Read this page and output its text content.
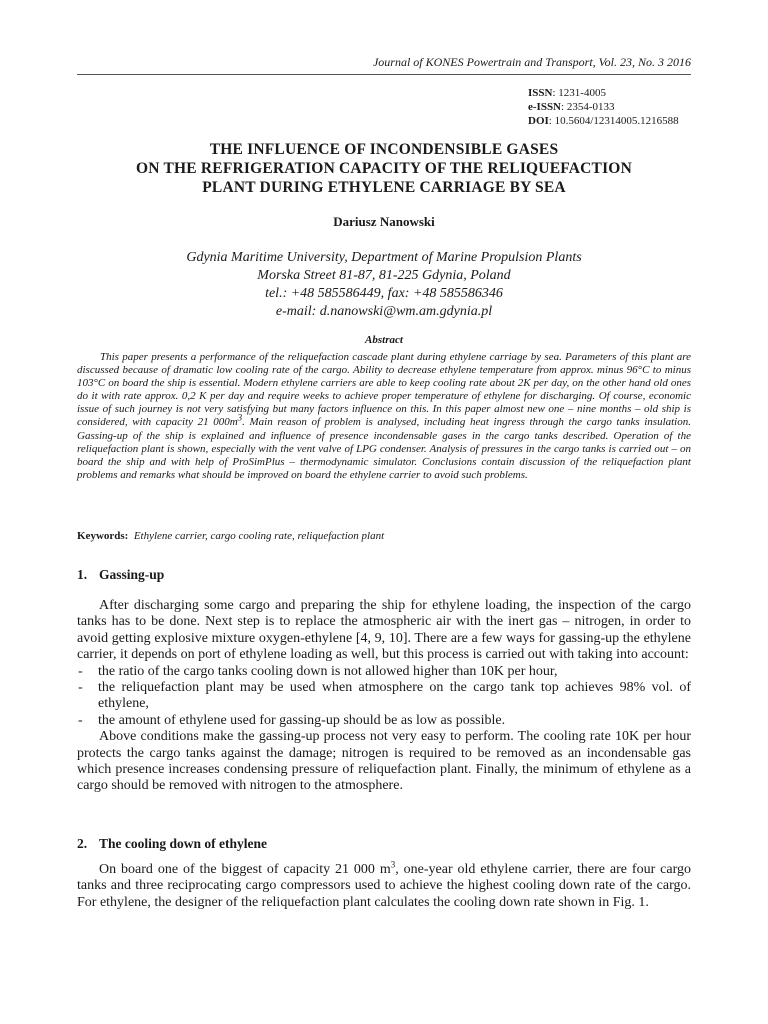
Journal of KONES Powertrain and Transport, Vol. 23, No. 3 2016
ISSN: 1231-4005
e-ISSN: 2354-0133
DOI: 10.5604/12314005.1216588
THE INFLUENCE OF INCONDENSIBLE GASES
ON THE REFRIGERATION CAPACITY OF THE RELIQUEFACTION
PLANT DURING ETHYLENE CARRIAGE BY SEA
Dariusz Nanowski
Gdynia Maritime University, Department of Marine Propulsion Plants
Morska Street 81-87, 81-225 Gdynia, Poland
tel.: +48 585586449, fax: +48 585586346
e-mail: d.nanowski@wm.am.gdynia.pl
Abstract
This paper presents a performance of the reliquefaction cascade plant during ethylene carriage by sea. Parameters of this plant are discussed because of dramatic low cooling rate of the cargo. Ability to decrease ethylene temperature from approx. minus 96°C to minus 103°C on board the ship is essential. Modern ethylene carriers are able to keep cooling rate about 2K per day, on the other hand old ones do it with rate approx. 0,2 K per day and require weeks to achieve proper temperature of ethylene for discharging. Of course, economic issue of such journey is not very satisfying but many factors influence on this. In this paper almost new one – nine months – old ship is considered, with capacity 21 $000m^3$. Main reason of problem is analysed, including heat ingress through the cargo tanks insulation. Gassing-up of the ship is explained and influence of presence incondensable gases in the cargo tanks described. Operation of the reliquefaction plant is shown, especially with the vent valve of LPG condenser. Analysis of pressures in the cargo tanks is carried out – on board the ship and with help of ProSimPlus – thermodynamic simulator. Conclusions contain discussion of the reliquefaction plant problems and remarks what should be improved on board the ethylene carrier to avoid such problems.
Keywords: Ethylene carrier, cargo cooling rate, reliquefaction plant
1. Gassing-up

After discharging some cargo and preparing the ship for ethylene loading, the inspection of the cargo tanks has to be done. Next step is to replace the atmospheric air with the inert gas – nitrogen, in order to avoid getting explosive mixture oxygen-ethylene [4, 9, 10]. There are a few ways for gassing-up the ethylene carrier, it depends on port of ethylene loading as well, but this process is carried out with taking into account:

- the ratio of the cargo tanks cooling down is not allowed higher than 10K per hour,
- the reliquefaction plant may be used when atmosphere on the cargo tank top achieves 98% vol. of ethylene,
- the amount of ethylene used for gassing-up should be as low as possible.

Above conditions make the gassing-up process not very easy to perform. The cooling rate 10K per hour protects the cargo tanks against the damage; nitrogen is required to be removed as an incondensable gas which presence increases condensing pressure of reliquefaction plant. Finally, the minimum of ethylene as a cargo should be removed with nitrogen to the atmosphere.

2. The cooling down of ethylene

On board one of the biggest of capacity 21 000 $m^3$, one-year old ethylene carrier, there are four cargo tanks and three reciprocating cargo compressors used to achieve the highest cooling down rate of the cargo. For ethylene, the designer of the reliquefaction plant calculates the cooling down rate shown in Fig. 1.
